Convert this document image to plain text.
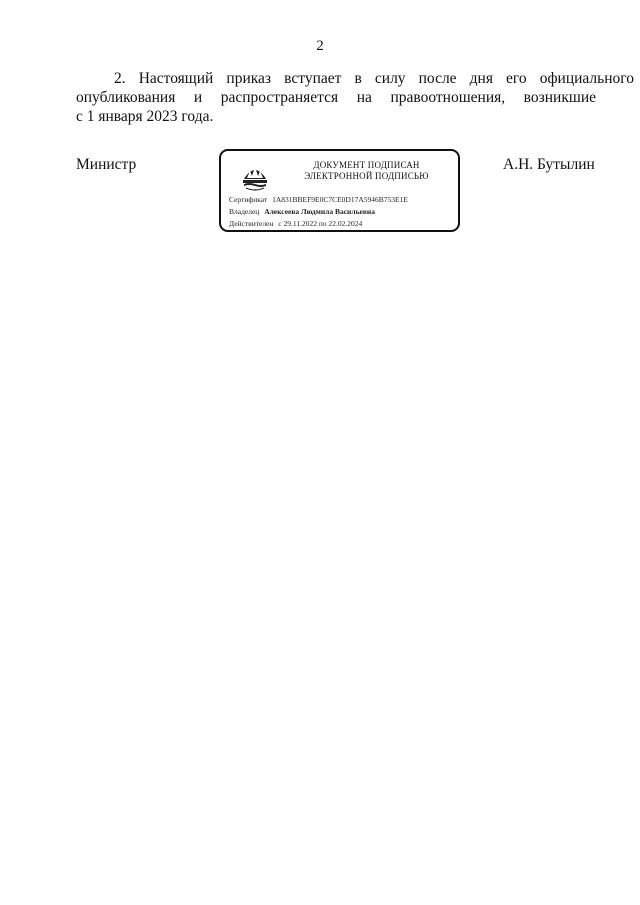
2
2. Настоящий приказ вступает в силу после дня его официального
опубликования и распространяется на правоотношения, возникшие
с 1 января 2023 года.
Министр	ДОКУМЕНТ ПОДПИСАН
ЭЛЕКТРОННОЙ ПОДПИСЬЮ
Сертификат 1A831BBEF9E0C7CE0D17A5946B753E1E
Владелец Алексеева Людмила Васильевна
Действителен с 29.11.2022 по 22.02.2024
А.Н. Бутылин
